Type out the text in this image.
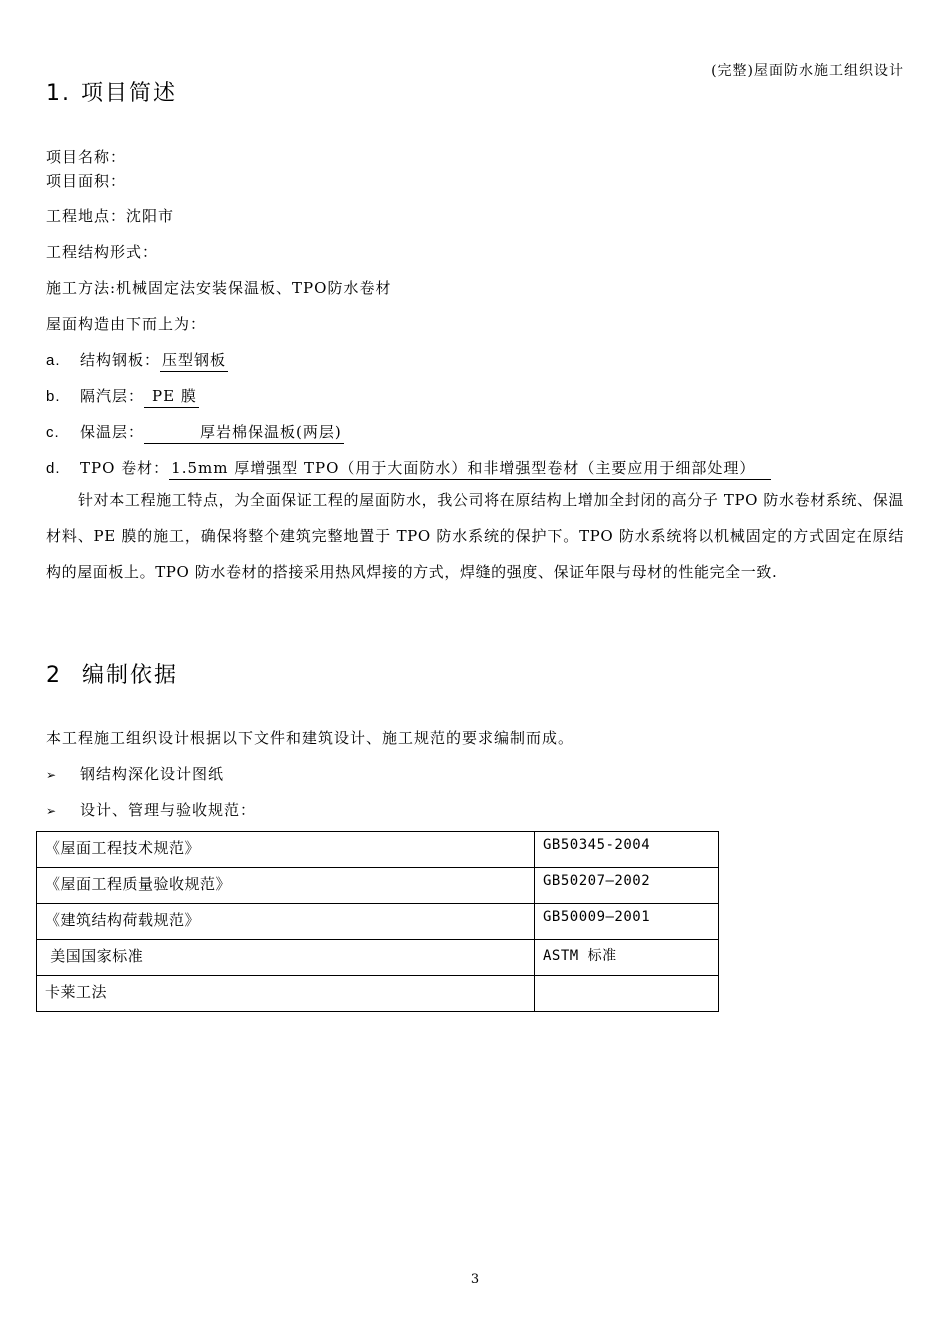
(完整)屋面防水施工组织设计
1. 项目简述
项目名称：
项目面积：
工程地点：沈阳市
工程结构形式：
施工方法:机械固定法安装保温板、TPO防水卷材
屋面构造由下而上为：
a. 结构钢板： 压型钢板
b. 隔汽层： PE 膜
c. 保温层：	厚岩棉保温板(两层)
d. TPO 卷材： 1.5mm 厚增强型 TPO（用于大面防水）和非增强型卷材（主要应用于细部处理）
针对本工程施工特点，为全面保证工程的屋面防水，我公司将在原结构上增加全封闭的高分子 TPO 防水卷材系统、保温材料、PE 膜的施工，确保将整个建筑完整地置于 TPO 防水系统的保护下。TPO 防水系统将以机械固定的方式固定在原结构的屋面板上。TPO 防水卷材的搭接采用热风焊接的方式，焊缝的强度、保证年限与母材的性能完全一致.
2 编制依据
本工程施工组织设计根据以下文件和建筑设计、施工规范的要求编制而成。
➢ 钢结构深化设计图纸
➢ 设计、管理与验收规范：
《屋面工程技术规范》	GB50345-2004
《屋面工程质量验收规范》	GB50207—2002
《建筑结构荷载规范》	GB50009—2001
美国国家标准	ASTM 标准
卡莱工法	
3
